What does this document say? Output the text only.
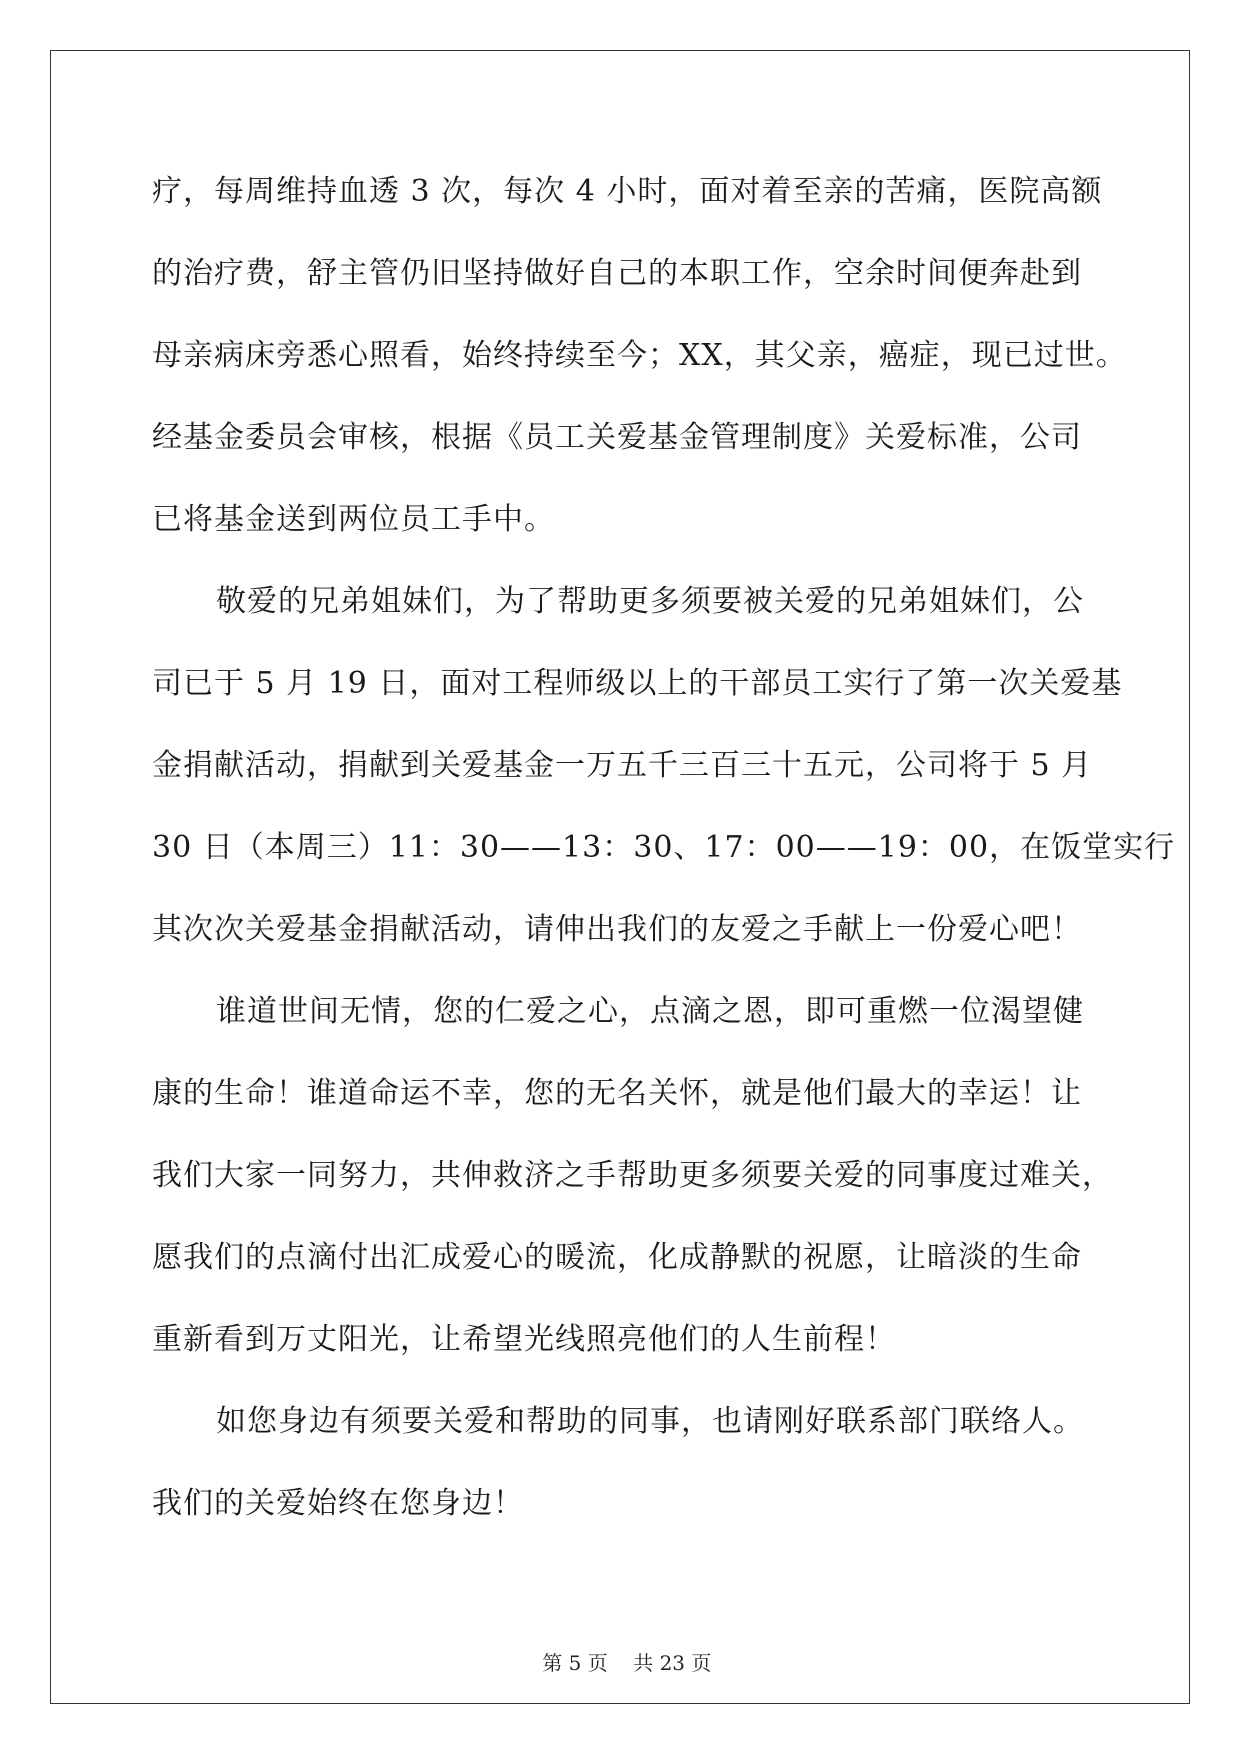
疗，每周维持血透 3 次，每次 4 小时，面对着至亲的苦痛，医院高额
的治疗费，舒主管仍旧坚持做好自己的本职工作，空余时间便奔赴到
母亲病床旁悉心照看，始终持续至今；XX，其父亲，癌症，现已过世。
经基金委员会审核，根据《员工关爱基金管理制度》关爱标准，公司
已将基金送到两位员工手中。
敬爱的兄弟姐妹们，为了帮助更多须要被关爱的兄弟姐妹们，公
司已于 5 月 19 日，面对工程师级以上的干部员工实行了第一次关爱基
金捐献活动，捐献到关爱基金一万五千三百三十五元，公司将于 5 月
30 日（本周三）11：30——13：30、17：00——19：00，在饭堂实行
其次次关爱基金捐献活动，请伸出我们的友爱之手献上一份爱心吧！
谁道世间无情，您的仁爱之心，点滴之恩，即可重燃一位渴望健
康的生命！谁道命运不幸，您的无名关怀，就是他们最大的幸运！让
我们大家一同努力，共伸救济之手帮助更多须要关爱的同事度过难关，
愿我们的点滴付出汇成爱心的暖流，化成静默的祝愿，让暗淡的生命
重新看到万丈阳光，让希望光线照亮他们的人生前程！
如您身边有须要关爱和帮助的同事，也请刚好联系部门联络人。
我们的关爱始终在您身边！

第 5 页 共 23 页
